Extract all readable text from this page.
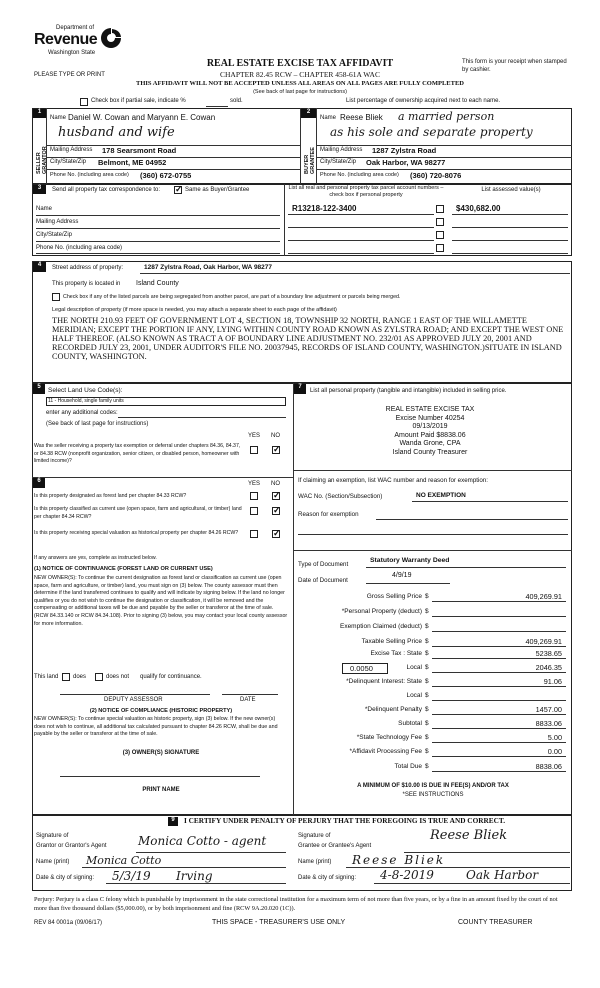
Department of
Revenue
Washington State
REAL ESTATE EXCISE TAX AFFIDAVIT
CHAPTER 82.45 RCW – CHAPTER 458-61A WAC
PLEASE TYPE OR PRINT
This form is your receipt when stamped by cashier.
THIS AFFIDAVIT WILL NOT BE ACCEPTED UNLESS ALL AREAS ON ALL PAGES ARE FULLY COMPLETED
(See back of last page for instructions)
Check box if partial sale, indicate %	sold.	List percentage of ownership acquired next to each name.
1	2
SELLER GRANTOR	BUYER GRANTEE
Name Daniel W. Cowan and Maryann E. Cowan
husband and wife
Mailing Address 178 Searsmont Road
City/State/Zip Belmont, ME 04952
Phone No. (including area code) (360) 672-0755
Name Reese Bliek a married person
as his sole and separate property
Mailing Address 1287 Zylstra Road
City/State/Zip Oak Harbor, WA 98277
Phone No. (including area code) (360) 720-8076
3	Send all property tax correspondence to: ✓	Same as Buyer/Grantee	List all real and personal property tax parcel account numbers – check box if personal property
List assessed value(s)
Name
Mailing Address
City/State/Zip
Phone No. (including area code)
R13218-122-3400	$430,682.00
4	Street address of property:	1287 Zylstra Road, Oak Harbor, WA 98277
This property is located in Island County
Check box if any of the listed parcels are being segregated from another parcel, are part of a boundary line adjustment or parcels being merged.
Legal description of property (if more space is needed, you may attach a separate sheet to each page of the affidavit)
THE NORTH 210.93 FEET OF GOVERNMENT LOT 4, SECTION 18, TOWNSHIP 32 NORTH, RANGE 1 EAST OF THE WILLAMETTE MERIDIAN; EXCEPT THE PORTION IF ANY, LYING WITHIN COUNTY ROAD KNOWN AS ZYLSTRA ROAD; AND EXCEPT THE WEST ONE HALF THEREOF. (ALSO KNOWN AS TRACT A OF BOUNDARY LINE ADJUSTMENT NO. 232/01 AS APPROVED JULY 20, 2001 AND RECORDED JULY 23, 2001, UNDER AUDITOR'S FILE NO. 20037945, RECORDS OF ISLAND COUNTY, WASHINGTON.)SITUATE IN ISLAND COUNTY, WASHINGTON.
5	Select Land Use Code(s):
11 - Household, single family units
enter any additional codes:
(See back of last page for instructions)
YES NO
Was the seller receiving a property tax exemption or deferral under chapters 84.36, 84.37, or 84.38 RCW (nonprofit organization, senior citizen, or disabled person, homeowner with limited income)?
✓
6	YES NO
Is this property designated as forest land per chapter 84.33 RCW?
✓
Is this property classified as current use (open space, farm and agricultural, or timber) land per chapter 84.34 RCW?
✓
Is this property receiving special valuation as historical property per chapter 84.26 RCW?
✓
If any answers are yes, complete as instructed below.
(1) NOTICE OF CONTINUANCE (FOREST LAND OR CURRENT USE)
NEW OWNER(S): To continue the current designation as forest land or classification as current use (open space, farm and agriculture, or timber) land, you must sign on (3) below. The county assessor must then determine if the land transferred continues to qualify and will indicate by signing below. If the land no longer qualifies or you do not wish to continue the designation or classification, it will be removed and the compensating or additional taxes will be due and payable by the seller or transferor at the time of sale. (RCW 84.33.140 or RCW 84.34.108). Prior to signing (3) below, you may contact your local county assessor for more information.
This land does	does not qualify for continuance.
DEPUTY ASSESSOR	DATE
(2) NOTICE OF COMPLIANCE (HISTORIC PROPERTY)
NEW OWNER(S): To continue special valuation as historic property, sign (3) below. If the new owner(s) does not wish to continue, all additional tax calculated pursuant to chapter 84.26 RCW, shall be due and payable by the seller or transferor at the time of sale.
(3) OWNER(S) SIGNATURE
PRINT NAME
7
List all personal property (tangible and intangible) included in selling price.
REAL ESTATE EXCISE TAX
Excise Number 40254
09/13/2019
Amount Paid $8838.06
Wanda Grone, CPA
Island County Treasurer
If claiming an exemption, list WAC number and reason for exemption:
WAC No. (Section/Subsection)	NO EXEMPTION
Reason for exemption
Type of Document
Statutory Warranty Deed
Date of Document
4/9/19
Gross Selling Price $	409,269.91
*Personal Property (deduct) $
Exemption Claimed (deduct) $
Taxable Selling Price $	409,269.91
Excise Tax : State $	5238.65
Local $	2046.35
*Delinquent Interest: State $	91.06
Local $
*Delinquent Penalty $	1457.00
Subtotal $	8833.06
*State Technology Fee $	5.00
*Affidavit Processing Fee $	0.00
Total Due $	8838.06
0.0050
A MINIMUM OF $10.00 IS DUE IN FEE(S) AND/OR TAX
*SEE INSTRUCTIONS
9	I CERTIFY UNDER PENALTY OF PERJURY THAT THE FOREGOING IS TRUE AND CORRECT.
Signature of
Grantor or Grantor's Agent	Monica Cotto - agent
Name (print) Monica Cotto
Date & city of signing: 5/3/19 Irving
Signature of
Grantee or Grantee's Agent
Reese Bliek
Name (print) Reese Bliek
Date & city of signing: 4-8-2019	Oak Harbor
Perjury: Perjury is a class C felony which is punishable by imprisonment in the state correctional institution for a maximum term of not more than five years, or by a fine in an amount fixed by the court of not more than five thousand dollars ($5,000.00), or by both imprisonment and fine (RCW 9A.20.020 (1C)).
REV 84 0001a (09/06/17)	THIS SPACE - TREASURER'S USE ONLY	COUNTY TREASURER
